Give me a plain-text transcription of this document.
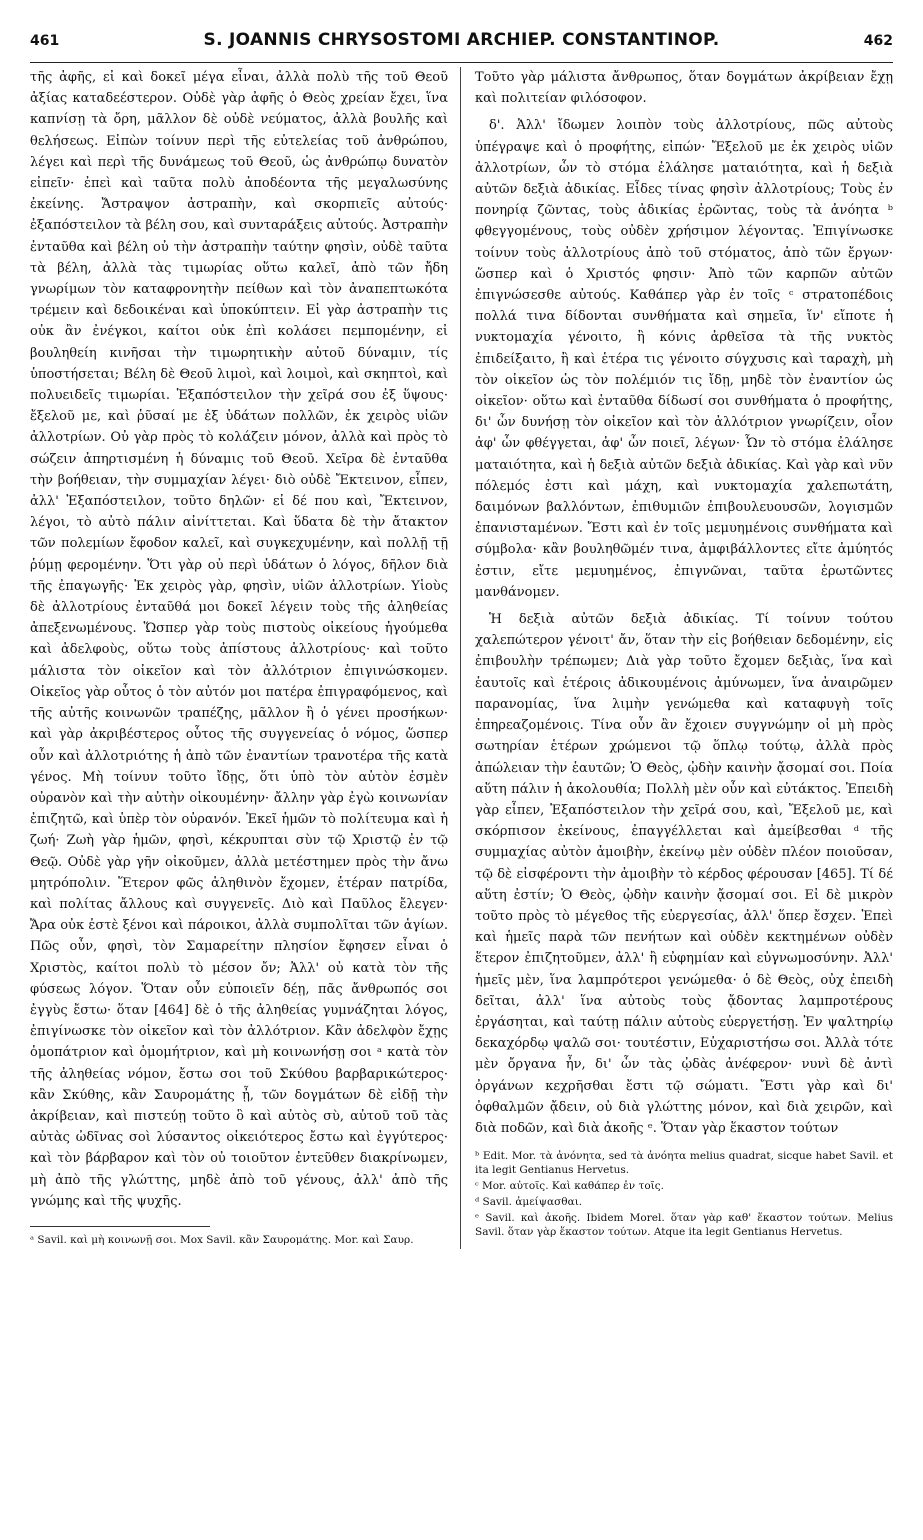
461	S. JOANNIS CHRYSOSTOMI ARCHIEP. CONSTANTINOP.	462

τῆς ἀφῆς, εἰ καὶ δοκεῖ μέγα εἶναι, ἀλλὰ πολὺ τῆς τοῦ Θεοῦ ἀξίας καταδεέστερον. Οὐδὲ γὰρ ἀφῆς ὁ Θεὸς χρείαν ἔχει, ἵνα καπνίσῃ τὰ ὄρη, μᾶλλον δὲ οὐδὲ νεύματος, ἀλλὰ βουλῆς καὶ θελήσεως. Εἰπὼν τοίνυν περὶ τῆς εὐτελείας τοῦ ἀνθρώπου, λέγει καὶ περὶ τῆς δυνάμεως τοῦ Θεοῦ, ὡς ἀνθρώπῳ δυνατὸν εἰπεῖν· ἐπεὶ καὶ ταῦτα πολὺ ἀποδέοντα τῆς μεγαλωσύνης ἐκείνης. Ἄστραψον ἀστραπὴν, καὶ σκορπιεῖς αὐτούς· ἐξαπόστειλον τὰ βέλη σου, καὶ συνταράξεις αὐτούς. Ἀστραπὴν ἐνταῦθα καὶ βέλη οὐ τὴν ἀστραπὴν ταύτην φησὶν, οὐδὲ ταῦτα τὰ βέλη, ἀλλὰ τὰς τιμωρίας οὕτω καλεῖ, ἀπὸ τῶν ἤδη γνωρίμων τὸν καταφρονητὴν πείθων καὶ τὸν ἀναπεπτωκότα τρέμειν καὶ δεδοικέναι καὶ ὑποκύπτειν. Εἰ γὰρ ἀστραπὴν τις οὐκ ἂν ἐνέγκοι, καίτοι οὐκ ἐπὶ κολάσει πεμπομένην, εἰ βουληθείη κινῆσαι τὴν τιμωρητικὴν αὐτοῦ δύναμιν, τίς ὑποστήσεται; Βέλη δὲ Θεοῦ λιμοὶ, καὶ λοιμοὶ, καὶ σκηπτοὶ, καὶ πολυειδεῖς τιμωρίαι. Ἐξαπόστειλον τὴν χεῖρά σου ἐξ ὕψους· ἔξελοῦ με, καὶ ῥῦσαί με ἐξ ὑδάτων πολλῶν, ἐκ χειρὸς υἱῶν ἀλλοτρίων. Οὐ γὰρ πρὸς τὸ κολάζειν μόνον, ἀλλὰ καὶ πρὸς τὸ σώζειν ἀπηρτισμένη ἡ δύναμις τοῦ Θεοῦ. Χεῖρα δὲ ἐνταῦθα τὴν βοήθειαν, τὴν συμμαχίαν λέγει· διὸ οὐδὲ Ἔκτεινον, εἶπεν, ἀλλ' Ἐξαπόστειλον, τοῦτο δηλῶν· εἰ δέ που καὶ, Ἔκτεινον, λέγοι, τὸ αὐτὸ πάλιν αἰνίττεται. Καὶ ὕδατα δὲ τὴν ἄτακτον τῶν πολεμίων ἔφοδον καλεῖ, καὶ συγκεχυμένην, καὶ πολλῇ τῇ ῥύμῃ φερομένην. Ὅτι γὰρ οὐ περὶ ὑδάτων ὁ λόγος, δῆλον διὰ τῆς ἐπαγωγῆς· Ἐκ χειρὸς γὰρ, φησὶν, υἱῶν ἀλλοτρίων. Υἱοὺς δὲ ἀλλοτρίους ἐνταῦθά μοι δοκεῖ λέγειν τοὺς τῆς ἀληθείας ἀπεξενωμένους. Ὥσπερ γὰρ τοὺς πιστοὺς οἰκείους ἡγούμεθα καὶ ἀδελφοὺς, οὕτω τοὺς ἀπίστους ἀλλοτρίους· καὶ τοῦτο μάλιστα τὸν οἰκεῖον καὶ τὸν ἀλλότριον ἐπιγινώσκομεν. Οἰκεῖος γὰρ οὗτος ὁ τὸν αὐτόν μοι πατέρα ἐπιγραφόμενος, καὶ τῆς αὐτῆς κοινωνῶν τραπέζης, μᾶλλον ἢ ὁ γένει προσήκων· καὶ γὰρ ἀκριβέστερος οὗτος τῆς συγγενείας ὁ νόμος, ὥσπερ οὖν καὶ ἀλλοτριότης ἡ ἀπὸ τῶν ἐναντίων τρανοτέρα τῆς κατὰ γένος. Μὴ τοίνυν τοῦτο ἴδῃς, ὅτι ὑπὸ τὸν αὐτὸν ἐσμὲν οὐρανὸν καὶ τὴν αὐτὴν οἰκουμένην· ἄλλην γὰρ ἐγὼ κοινωνίαν ἐπιζητῶ, καὶ ὑπὲρ τὸν οὐρανόν. Ἐκεῖ ἡμῶν τὸ πολίτευμα καὶ ἡ ζωή· Ζωὴ γὰρ ἡμῶν, φησὶ, κέκρυπται σὺν τῷ Χριστῷ ἐν τῷ Θεῷ. Οὐδὲ γὰρ γῆν οἰκοῦμεν, ἀλλὰ μετέστημεν πρὸς τὴν ἄνω μητρόπολιν. Ἕτερον φῶς ἀληθινὸν ἔχομεν, ἑτέραν πατρίδα, καὶ πολίτας ἄλλους καὶ συγγενεῖς. Διὸ καὶ Παῦλος ἔλεγεν· Ἄρα οὐκ ἐστὲ ξένοι καὶ πάροικοι, ἀλλὰ συμπολῖται τῶν ἁγίων. Πῶς οὖν, φησὶ, τὸν Σαμαρείτην πλησίον ἔφησεν εἶναι ὁ Χριστὸς, καίτοι πολὺ τὸ μέσον ὄν; Ἀλλ' οὐ κατὰ τὸν τῆς φύσεως λόγον. Ὅταν οὖν εὐποιεῖν δέῃ, πᾶς ἄνθρωπός σοι ἐγγὺς ἔστω· ὅταν [464] δὲ ὁ τῆς ἀληθείας γυμνάζηται λόγος, ἐπιγίνωσκε τὸν οἰκεῖον καὶ τὸν ἀλλότριον. Κἂν ἀδελφὸν ἔχῃς ὁμοπάτριον καὶ ὁμομήτριον, καὶ μὴ κοινωνήσῃ σοι ᵃ κατὰ τὸν τῆς ἀληθείας νόμον, ἔστω σοι τοῦ Σκύθου βαρβαρικώτερος· κἂν Σκύθης, κἂν Σαυρομάτης ᾖ, τῶν δογμάτων δὲ εἰδῇ τὴν ἀκρίβειαν, καὶ πιστεύῃ τοῦτο ὃ καὶ αὐτὸς σὺ, αὐτοῦ τοῦ τὰς αὐτὰς ὠδῖνας σοὶ λύσαντος οἰκειότερος ἔστω καὶ ἐγγύτερος· καὶ τὸν βάρβαρον καὶ τὸν οὐ τοιοῦτον ἐντεῦθεν διακρίνωμεν, μὴ ἀπὸ τῆς γλώττης, μηδὲ ἀπὸ τοῦ γένους, ἀλλ' ἀπὸ τῆς γνώμης καὶ τῆς ψυχῆς.

ᵃ Savil. καὶ μὴ κοινωνῇ σοι. Mox Savil. κἂν Σαυρομάτης. Mor. καὶ Σαυρ.

Τοῦτο γὰρ μάλιστα ἄνθρωπος, ὅταν δογμάτων ἀκρίβειαν ἔχῃ καὶ πολιτείαν φιλόσοφον.

δ'. Ἀλλ' ἴδωμεν λοιπὸν τοὺς ἀλλοτρίους, πῶς αὐτοὺς ὑπέγραψε καὶ ὁ προφήτης, εἰπών· Ἔξελοῦ με ἐκ χειρὸς υἱῶν ἀλλοτρίων, ὧν τὸ στόμα ἐλάλησε ματαιότητα, καὶ ἡ δεξιὰ αὐτῶν δεξιὰ ἀδικίας. Εἶδες τίνας φησὶν ἀλλοτρίους; Τοὺς ἐν πονηρίᾳ ζῶντας, τοὺς ἀδικίας ἐρῶντας, τοὺς τὰ ἀνόητα ᵇ φθεγγομένους, τοὺς οὐδὲν χρήσιμον λέγοντας. Ἐπιγίνωσκε τοίνυν τοὺς ἀλλοτρίους ἀπὸ τοῦ στόματος, ἀπὸ τῶν ἔργων· ὥσπερ καὶ ὁ Χριστός φησιν· Ἀπὸ τῶν καρπῶν αὐτῶν ἐπιγνώσεσθε αὐτούς. Καθάπερ γὰρ ἐν τοῖς ᶜ στρατοπέδοις πολλά τινα δίδονται συνθήματα καὶ σημεῖα, ἵν' εἴποτε ἡ νυκτομαχία γένοιτο, ἢ κόνις ἀρθεῖσα τὰ τῆς νυκτὸς ἐπιδείξαιτο, ἢ καὶ ἑτέρα τις γένοιτο σύγχυσις καὶ ταραχὴ, μὴ τὸν οἰκεῖον ὡς τὸν πολέμιόν τις ἴδῃ, μηδὲ τὸν ἐναντίον ὡς οἰκεῖον· οὕτω καὶ ἐνταῦθα δίδωσί σοι συνθήματα ὁ προφήτης, δι' ὧν δυνήσῃ τὸν οἰκεῖον καὶ τὸν ἀλλότριον γνωρίζειν, οἷον ἀφ' ὧν φθέγγεται, ἀφ' ὧν ποιεῖ, λέγων· Ὧν τὸ στόμα ἐλάλησε ματαιότητα, καὶ ἡ δεξιὰ αὐτῶν δεξιὰ ἀδικίας. Καὶ γὰρ καὶ νῦν πόλεμός ἐστι καὶ μάχη, καὶ νυκτομαχία χαλεπωτάτη, δαιμόνων βαλλόντων, ἐπιθυμιῶν ἐπιβουλευουσῶν, λογισμῶν ἐπανισταμένων. Ἔστι καὶ ἐν τοῖς μεμυημένοις συνθήματα καὶ σύμβολα· κἂν βουληθῶμέν τινα, ἀμφιβάλλοντες εἴτε ἀμύητός ἐστιν, εἴτε μεμυημένος, ἐπιγνῶναι, ταῦτα ἐρωτῶντες μανθάνομεν.

Ἡ δεξιὰ αὐτῶν δεξιὰ ἀδικίας. Τί τοίνυν τούτου χαλεπώτερον γένοιτ' ἄν, ὅταν τὴν εἰς βοήθειαν δεδομένην, εἰς ἐπιβουλὴν τρέπωμεν; Διὰ γὰρ τοῦτο ἔχομεν δεξιὰς, ἵνα καὶ ἑαυτοῖς καὶ ἑτέροις ἀδικουμένοις ἀμύνωμεν, ἵνα ἀναιρῶμεν παρανομίας, ἵνα λιμὴν γενώμεθα καὶ καταφυγὴ τοῖς ἐπηρεαζομένοις. Τίνα οὖν ἂν ἔχοιεν συγγνώμην οἱ μὴ πρὸς σωτηρίαν ἑτέρων χρώμενοι τῷ ὅπλῳ τούτῳ, ἀλλὰ πρὸς ἀπώλειαν τὴν ἑαυτῶν; Ὁ Θεὸς, ᾠδὴν καινὴν ᾄσομαί σοι. Ποία αὕτη πάλιν ἡ ἀκολουθία; Πολλὴ μὲν οὖν καὶ εὐτάκτος. Ἐπειδὴ γὰρ εἶπεν, Ἐξαπόστειλον τὴν χεῖρά σου, καὶ, Ἔξελοῦ με, καὶ σκόρπισον ἐκείνους, ἐπαγγέλλεται καὶ ἀμείβεσθαι ᵈ τῆς συμμαχίας αὐτὸν ἀμοιβὴν, ἐκείνῳ μὲν οὐδὲν πλέον ποιοῦσαν, τῷ δὲ εἰσφέροντι τὴν ἀμοιβὴν τὸ κέρδος φέρουσαν [465]. Τί δέ αὕτη ἐστίν; Ὁ Θεὸς, ᾠδὴν καινὴν ᾄσομαί σοι. Εἰ δὲ μικρὸν τοῦτο πρὸς τὸ μέγεθος τῆς εὐεργεσίας, ἀλλ' ὅπερ ἔσχεν. Ἐπεὶ καὶ ἡμεῖς παρὰ τῶν πενήτων καὶ οὐδὲν κεκτημένων οὐδὲν ἕτερον ἐπιζητοῦμεν, ἀλλ' ἢ εὐφημίαν καὶ εὐγνωμοσύνην. Ἀλλ' ἡμεῖς μὲν, ἵνα λαμπρότεροι γενώμεθα· ὁ δὲ Θεὸς, οὐχ ἐπειδὴ δεῖται, ἀλλ' ἵνα αὐτοὺς τοὺς ᾄδοντας λαμπροτέρους ἐργάσηται, καὶ ταύτῃ πάλιν αὐτοὺς εὐεργετήσῃ. Ἐν ψαλτηρίῳ δεκαχόρδῳ ψαλῶ σοι· τουτέστιν, Εὐχαριστήσω σοι. Ἀλλὰ τότε μὲν ὄργανα ἦν, δι' ὧν τὰς ᾠδὰς ἀνέφερον· νυνὶ δὲ ἀντὶ ὀργάνων κεχρῆσθαι ἔστι τῷ σώματι. Ἔστι γὰρ καὶ δι' ὀφθαλμῶν ᾄδειν, οὐ διὰ γλώττης μόνον, καὶ διὰ χειρῶν, καὶ διὰ ποδῶν, καὶ διὰ ἀκοῆς ᵉ. Ὅταν γὰρ ἕκαστον τούτων

ᵇ Edit. Mor. τὰ ἀνόνητα, sed τὰ ἀνόητα melius quadrat, sicque habet Savil. et ita legit Gentianus Hervetus.

ᶜ Mor. αὐτοῖς. Καὶ καθάπερ ἐν τοῖς.

ᵈ Savil. ἀμείψασθαι.

ᵉ Savil. καὶ ἀκοῆς. Ibidem Morel. ὅταν γὰρ καθ' ἕκαστον τούτων. Melius Savil. ὅταν γὰρ ἕκαστον τούτων. Atque ita legit Gentianus Hervetus.
